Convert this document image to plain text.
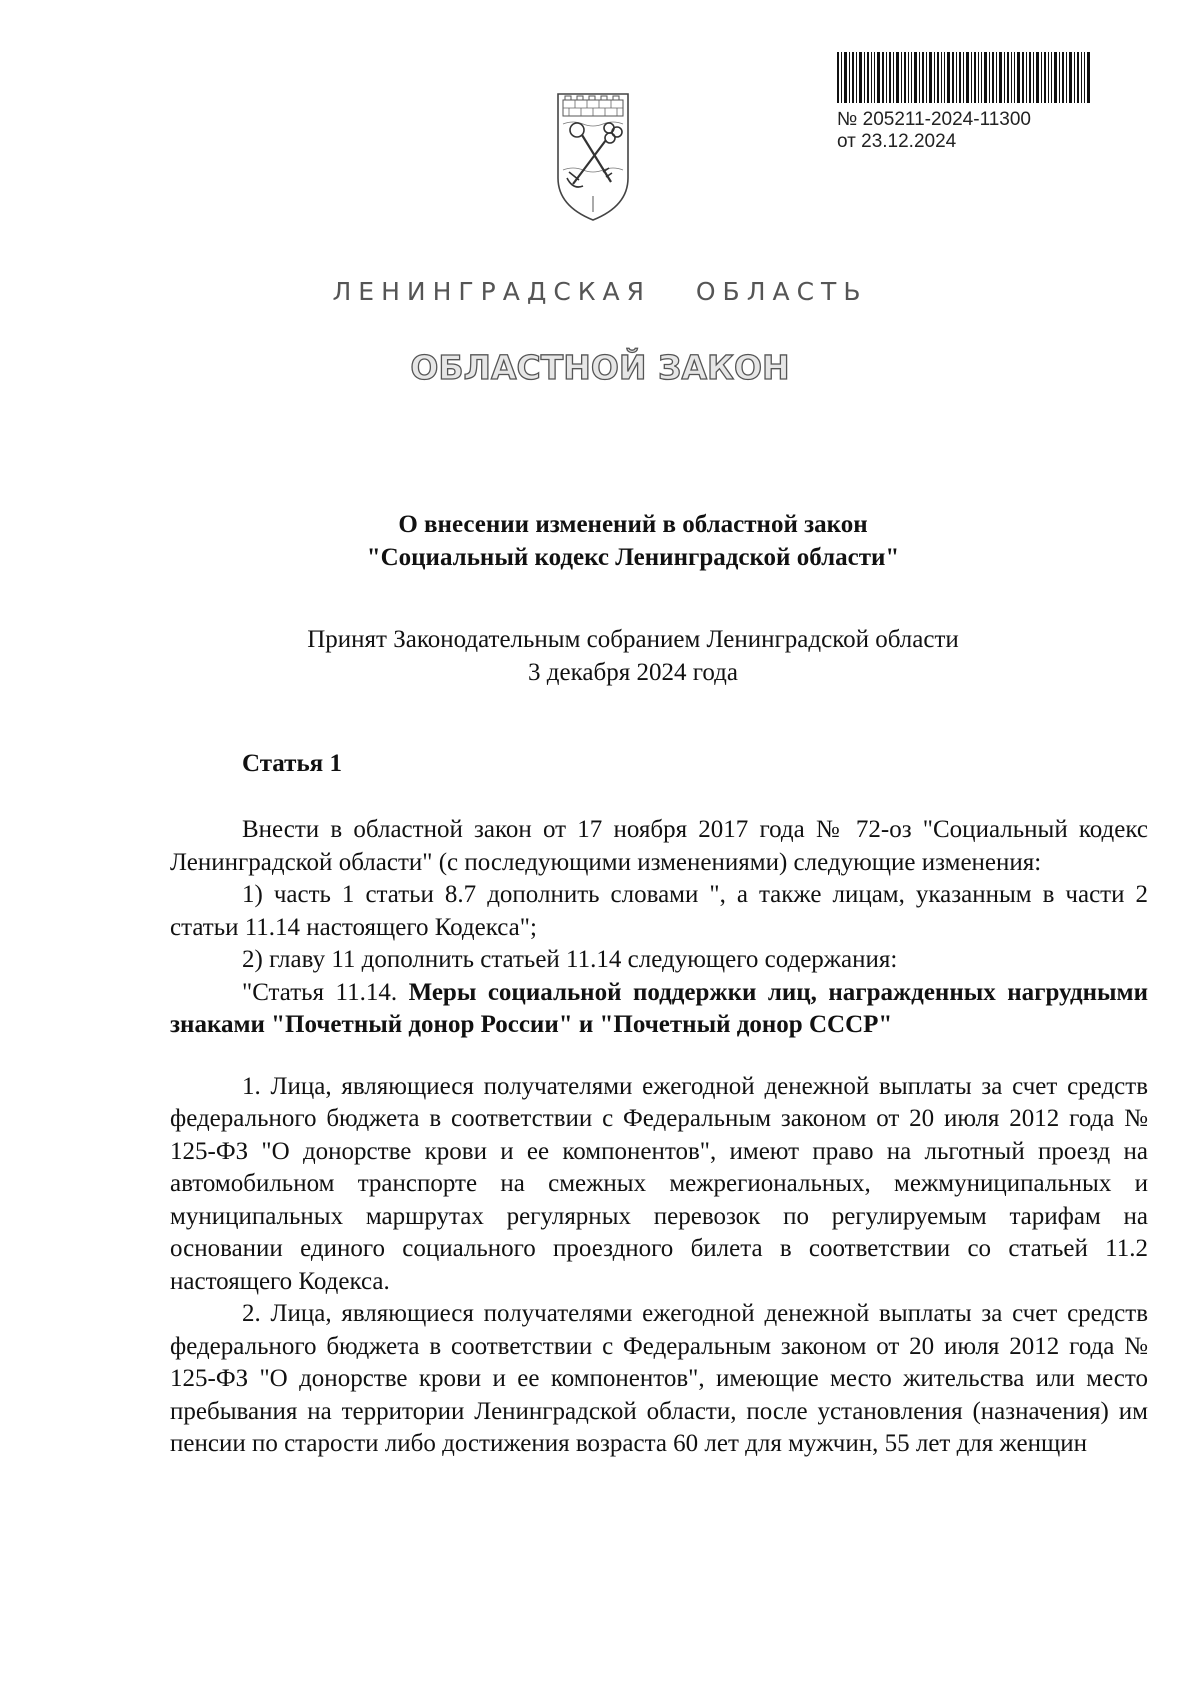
№ 205211-2024-11300

от 23.12.2024

ЛЕНИНГРАДСКАЯ   ОБЛАСТЬ
ОБЛАСТНОЙ ЗАКОН
О внесении изменений в областной закон
"Социальный кодекс Ленинградской области"
Принят Законодательным собранием Ленинградской области
3 декабря 2024 года
Статья 1

Внести в областной закон от 17 ноября 2017 года № 72-оз "Социальный кодекс Ленинградской области" (с последующими изменениями) следующие изменения:

1) часть 1 статьи 8.7 дополнить словами ", а также лицам, указанным в части 2 статьи 11.14 настоящего Кодекса";

2) главу 11 дополнить статьей 11.14 следующего содержания:

"Статья 11.14. Меры социальной поддержки лиц, награжденных нагрудными знаками "Почетный донор России" и "Почетный донор СССР"

1. Лица, являющиеся получателями ежегодной денежной выплаты за счет средств федерального бюджета в соответствии с Федеральным законом от 20 июля 2012 года № 125-ФЗ "О донорстве крови и ее компонентов", имеют право на льготный проезд на автомобильном транспорте на смежных межрегиональных, межмуниципальных и муниципальных маршрутах регулярных перевозок по регулируемым тарифам на основании единого социального проездного билета в соответствии со статьей 11.2 настоящего Кодекса.

2. Лица, являющиеся получателями ежегодной денежной выплаты за счет средств федерального бюджета в соответствии с Федеральным законом от 20 июля 2012 года № 125-ФЗ "О донорстве крови и ее компонентов", имеющие место жительства или место пребывания на территории Ленинградской области, после установления (назначения) им пенсии по старости либо достижения возраста 60 лет для мужчин, 55 лет для женщин
